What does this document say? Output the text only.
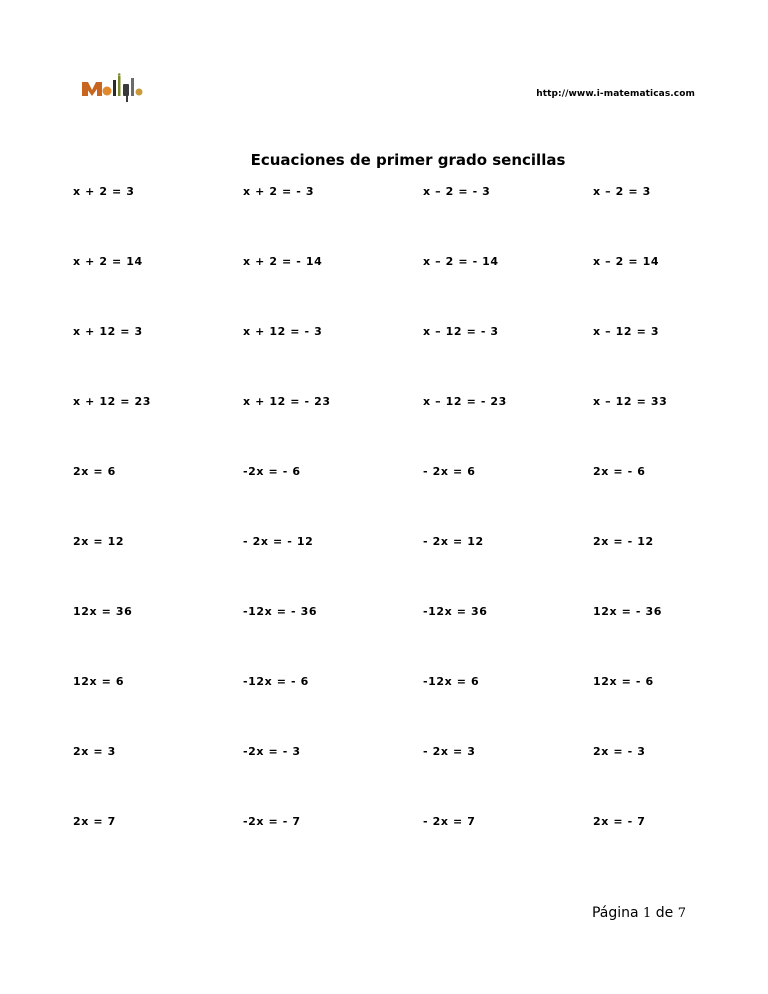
http://www.i-matematicas.com
Ecuaciones de primer grado sencillas
x + 2 = 3	x + 2 = - 3	x – 2 = - 3	x – 2 = 3
x + 2 = 14	x + 2 = - 14	x – 2 = - 14	x – 2 = 14
x + 12 = 3	x + 12 = - 3	x – 12 = - 3	x – 12 = 3
x + 12 = 23	x + 12 = - 23	x – 12 = - 23	x – 12 = 33
2x = 6	-2x = - 6	- 2x = 6	2x = - 6
2x = 12	- 2x = - 12	- 2x = 12	2x = - 12
12x = 36	-12x = - 36	-12x = 36	12x = - 36
12x = 6	-12x = - 6	-12x = 6	12x = - 6
2x = 3	-2x = - 3	- 2x = 3	2x = - 3
2x = 7	-2x = - 7	- 2x = 7	2x = - 7
Página 1 de 7
